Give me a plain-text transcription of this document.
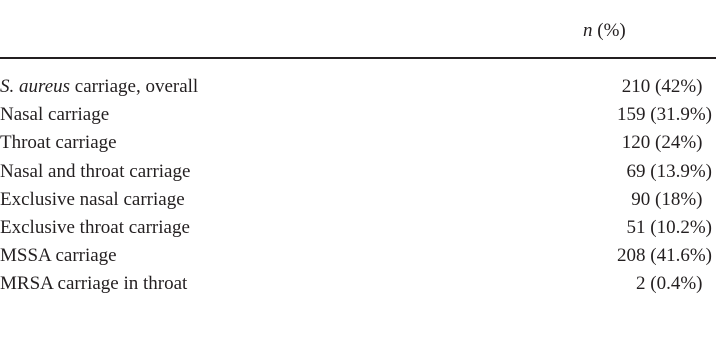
n (%)
S. aureus carriage, overall	210 (42%)
Nasal carriage	159 (31.9%)
Throat carriage	120 (24%)
Nasal and throat carriage	69 (13.9%)
Exclusive nasal carriage	90 (18%)
Exclusive throat carriage	51 (10.2%)
MSSA carriage	208 (41.6%)
MRSA carriage in throat	2 (0.4%)
